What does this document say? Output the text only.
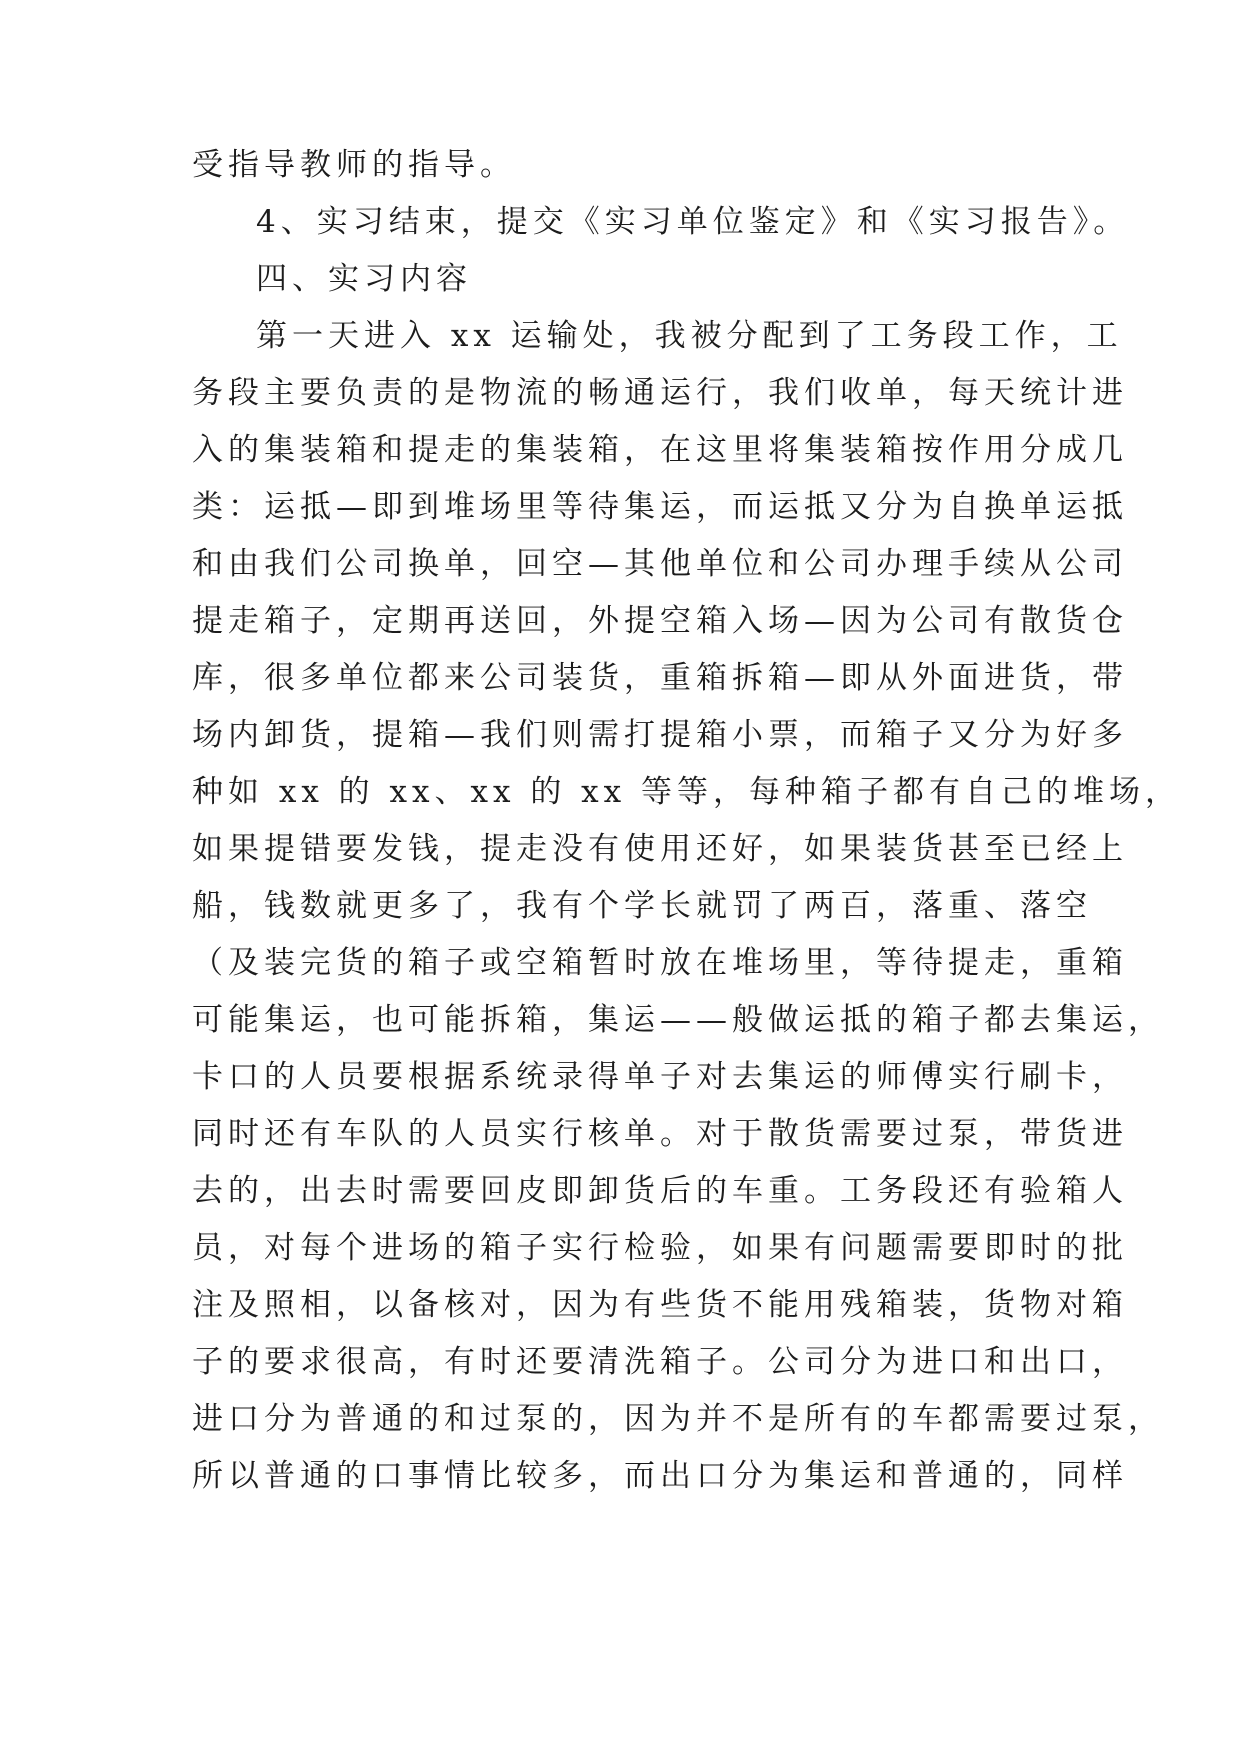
受指导教师的指导。
4、实习结束，提交《实习单位鉴定》和《实习报告》。
四、实习内容
第一天进入 xx 运输处，我被分配到了工务段工作，工
务段主要负责的是物流的畅通运行，我们收单，每天统计进
入的集装箱和提走的集装箱，在这里将集装箱按作用分成几
类：运抵—即到堆场里等待集运，而运抵又分为自换单运抵
和由我们公司换单，回空—其他单位和公司办理手续从公司
提走箱子，定期再送回，外提空箱入场—因为公司有散货仓
库，很多单位都来公司装货，重箱拆箱—即从外面进货，带
场内卸货，提箱—我们则需打提箱小票，而箱子又分为好多
种如 xx 的 xx、xx 的 xx 等等，每种箱子都有自己的堆场，
如果提错要发钱，提走没有使用还好，如果装货甚至已经上
船，钱数就更多了，我有个学长就罚了两百，落重、落空
（及装完货的箱子或空箱暂时放在堆场里，等待提走，重箱
可能集运，也可能拆箱，集运——般做运抵的箱子都去集运，
卡口的人员要根据系统录得单子对去集运的师傅实行刷卡，
同时还有车队的人员实行核单。对于散货需要过泵，带货进
去的，出去时需要回皮即卸货后的车重。工务段还有验箱人
员，对每个进场的箱子实行检验，如果有问题需要即时的批
注及照相，以备核对，因为有些货不能用残箱装，货物对箱
子的要求很高，有时还要清洗箱子。公司分为进口和出口，
进口分为普通的和过泵的，因为并不是所有的车都需要过泵，
所以普通的口事情比较多，而出口分为集运和普通的，同样
